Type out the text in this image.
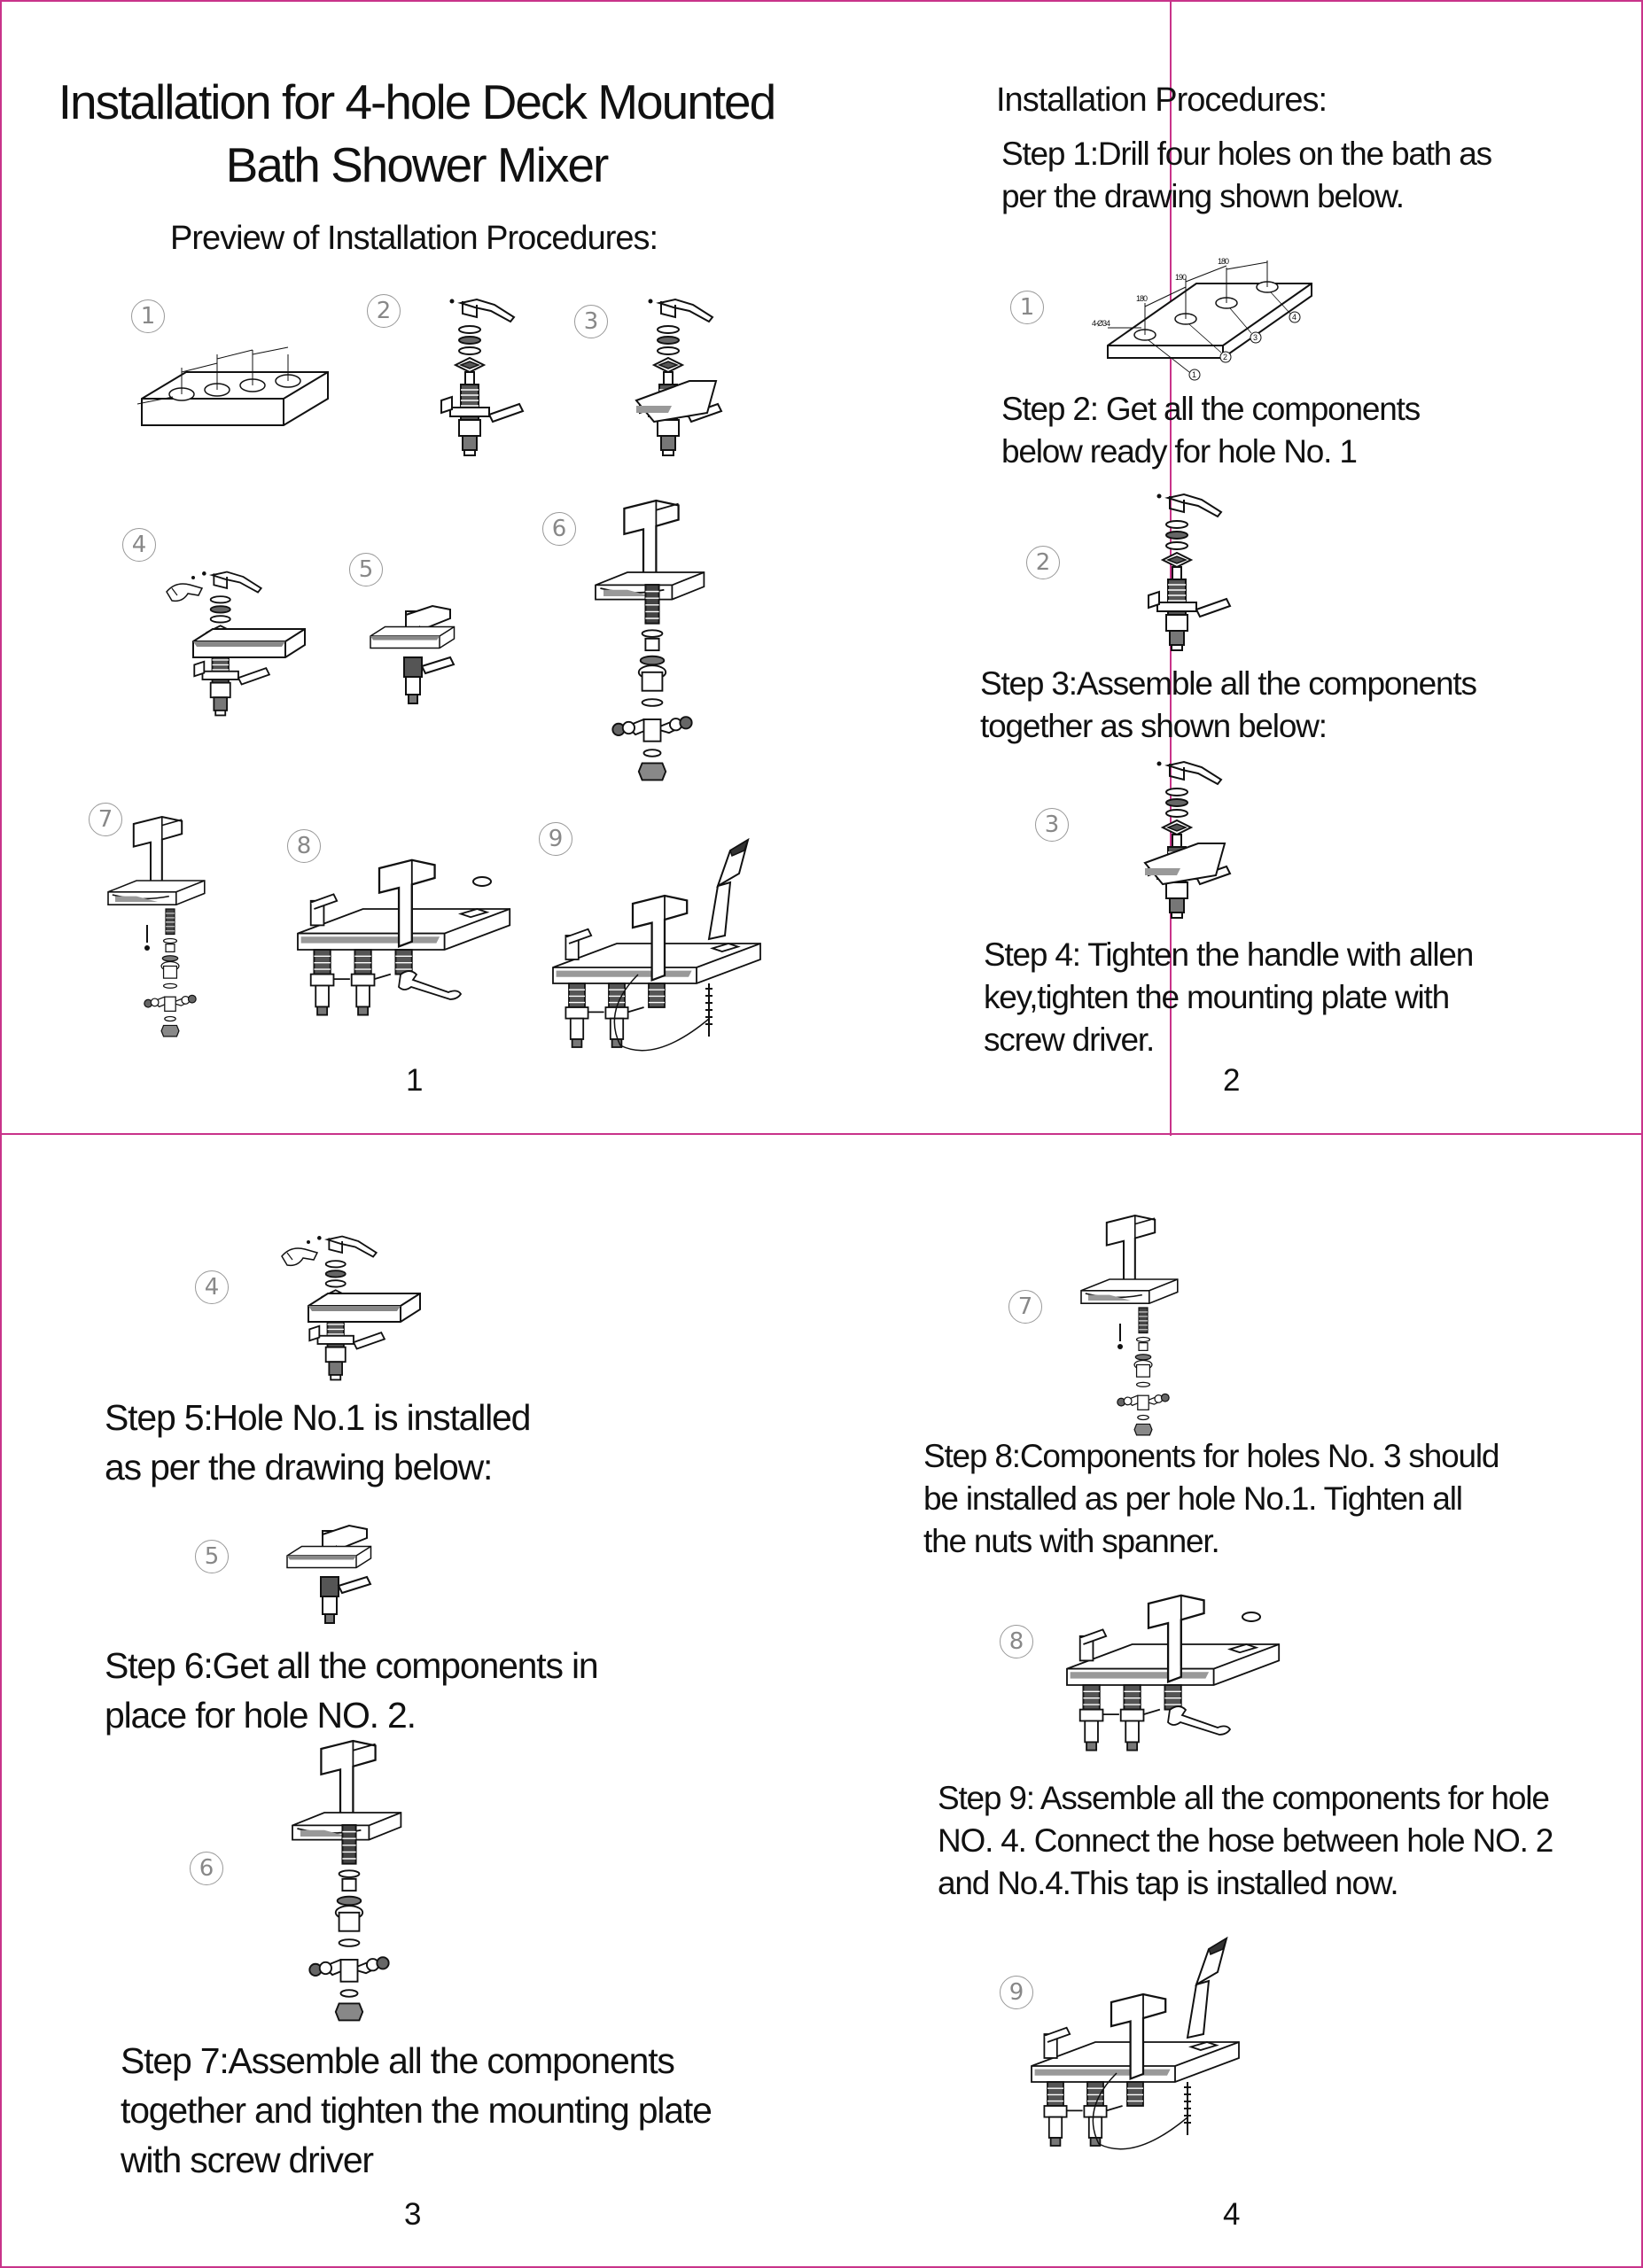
Installation for 4-hole Deck Mounted
Bath Shower Mixer
Preview of Installation Procedures:
1	2	3
4
5
6
7
8	9
1
Installation Procedures:
Step 1:Drill four holes on the bath as
per the drawing shown below.
1
4-Ø34
180
190
180
1
2
3
4
Step 2: Get all the components
below ready for hole No. 1
2
Step 3:Assemble all the components
together as shown below:
3
Step 4: Tighten the handle with allen
key,tighten the mounting plate with
screw driver.
2
4
Step 5:Hole No.1 is installed
as per the drawing below:
5
Step 6:Get all the components in
place for hole NO. 2.
6
Step 7:Assemble all the components
together and tighten the mounting plate
with screw driver
3
7
Step 8:Components for holes No. 3 should
be installed as per hole No.1. Tighten all
the nuts with spanner.
8
Step 9: Assemble all the components for hole
NO. 4. Connect the hose between hole NO. 2
and No.4.This tap is installed now.
9
4
